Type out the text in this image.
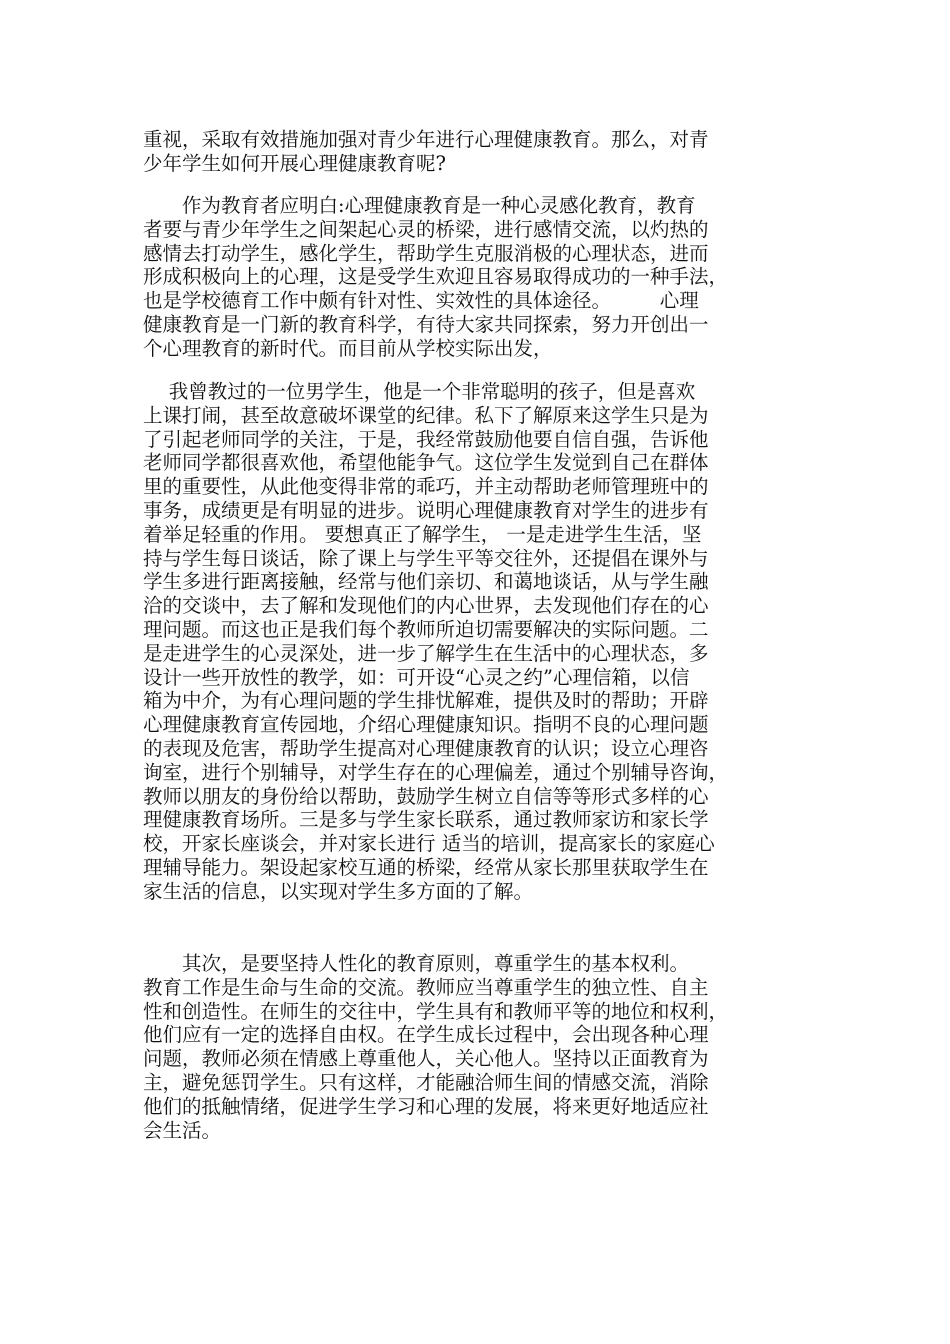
重视，采取有效措施加强对青少年进行心理健康教育。那么，对青
少年学生如何开展心理健康教育呢?
　　作为教育者应明白:心理健康教育是一种心灵感化教育，教育
者要与青少年学生之间架起心灵的桥梁，进行感情交流，以灼热的
感情去打动学生，感化学生，帮助学生克服消极的心理状态，进而
形成积极向上的心理，这是受学生欢迎且容易取得成功的一种手法，
也是学校德育工作中颇有针对性、实效性的具体途径。　　　心理
健康教育是一门新的教育科学，有待大家共同探索，努力开创出一
个心理教育的新时代。而目前从学校实际出发，
　 我曾教过的一位男学生，他是一个非常聪明的孩子，但是喜欢
上课打闹，甚至故意破坏课堂的纪律。私下了解原来这学生只是为
了引起老师同学的关注，于是，我经常鼓励他要自信自强，告诉他
老师同学都很喜欢他，希望他能争气。这位学生发觉到自己在群体
里的重要性，从此他变得非常的乖巧，并主动帮助老师管理班中的
事务，成绩更是有明显的进步。说明心理健康教育对学生的进步有
着举足轻重的作用。 要想真正了解学生， 一是走进学生生活，坚
持与学生每日谈话，除了课上与学生平等交往外，还提倡在课外与
学生多进行距离接触，经常与他们亲切、和蔼地谈话，从与学生融
洽的交谈中，去了解和发现他们的内心世界，去发现他们存在的心
理问题。而这也正是我们每个教师所迫切需要解决的实际问题。二
是走进学生的心灵深处，进一步了解学生在生活中的心理状态，多
设计一些开放性的教学，如：可开设“心灵之约”心理信箱，以信
箱为中介，为有心理问题的学生排忧解难，提供及时的帮助；开辟
心理健康教育宣传园地，介绍心理健康知识。指明不良的心理问题
的表现及危害，帮助学生提高对心理健康教育的认识；设立心理咨
询室，进行个别辅导，对学生存在的心理偏差，通过个别辅导咨询，
教师以朋友的身份给以帮助，鼓励学生树立自信等等形式多样的心
理健康教育场所。三是多与学生家长联系，通过教师家访和家长学
校，开家长座谈会，并对家长进行 适当的培训，提高家长的家庭心
理辅导能力。架设起家校互通的桥梁，经常从家长那里获取学生在
家生活的信息，以实现对学生多方面的了解。
　　其次，是要坚持人性化的教育原则，尊重学生的基本权利。
教育工作是生命与生命的交流。教师应当尊重学生的独立性、自主
性和创造性。在师生的交往中，学生具有和教师平等的地位和权利，
他们应有一定的选择自由权。在学生成长过程中，会出现各种心理
问题，教师必须在情感上尊重他人，关心他人。坚持以正面教育为
主，避免惩罚学生。只有这样，才能融洽师生间的情感交流，消除
他们的抵触情绪，促进学生学习和心理的发展，将来更好地适应社
会生活。
